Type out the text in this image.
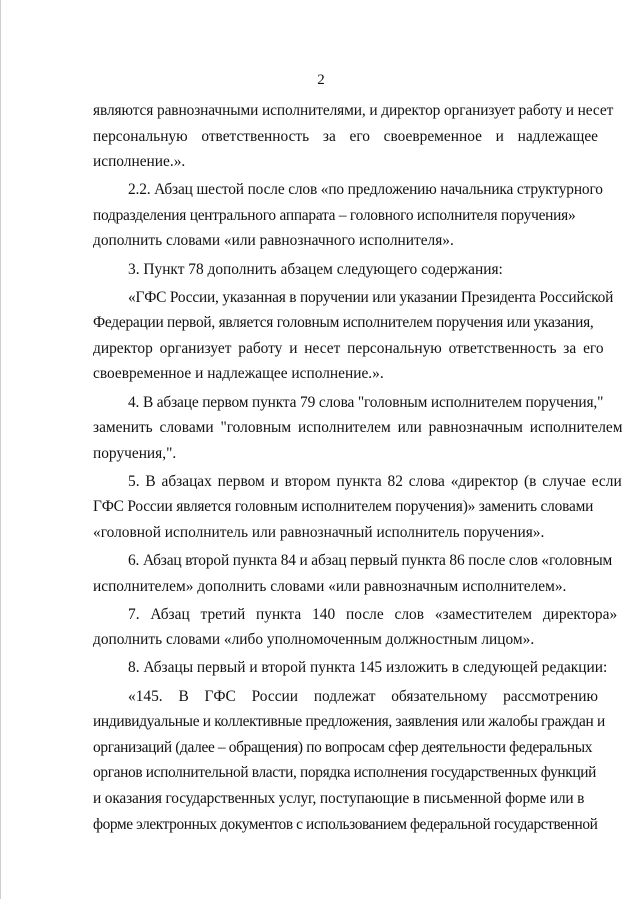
2

являются равнозначными исполнителями, и директор организует работу и несет
персональную ответственность за его своевременное и надлежащее
исполнение.».

2.2. Абзац шестой после слов «по предложению начальника структурного
подразделения центрального аппарата – головного исполнителя поручения»
дополнить словами «или равнозначного исполнителя».

3. Пункт 78 дополнить абзацем следующего содержания:

«ГФС России, указанная в поручении или указании Президента Российской
Федерации первой, является головным исполнителем поручения или указания,
директор организует работу и несет персональную ответственность за его
своевременное и надлежащее исполнение.».

4. В абзаце первом пункта 79 слова "головным исполнителем поручения,"
заменить словами "головным исполнителем или равнозначным исполнителем
поручения,".

5. В абзацах первом и втором пункта 82 слова «директор (в случае если
ГФС России является головным исполнителем поручения)» заменить словами
«головной исполнитель или равнозначный исполнитель поручения».

6. Абзац второй пункта 84 и абзац первый пункта 86 после слов «головным
исполнителем» дополнить словами «или равнозначным исполнителем».

7. Абзац третий пункта 140 после слов «заместителем директора»
дополнить словами «либо уполномоченным должностным лицом».

8. Абзацы первый и второй пункта 145 изложить в следующей редакции:

«145. В ГФС России подлежат обязательному рассмотрению
индивидуальные и коллективные предложения, заявления или жалобы граждан и
организаций (далее – обращения) по вопросам сфер деятельности федеральных
органов исполнительной власти, порядка исполнения государственных функций
и оказания государственных услуг, поступающие в письменной форме или в
форме электронных документов с использованием федеральной государственной
